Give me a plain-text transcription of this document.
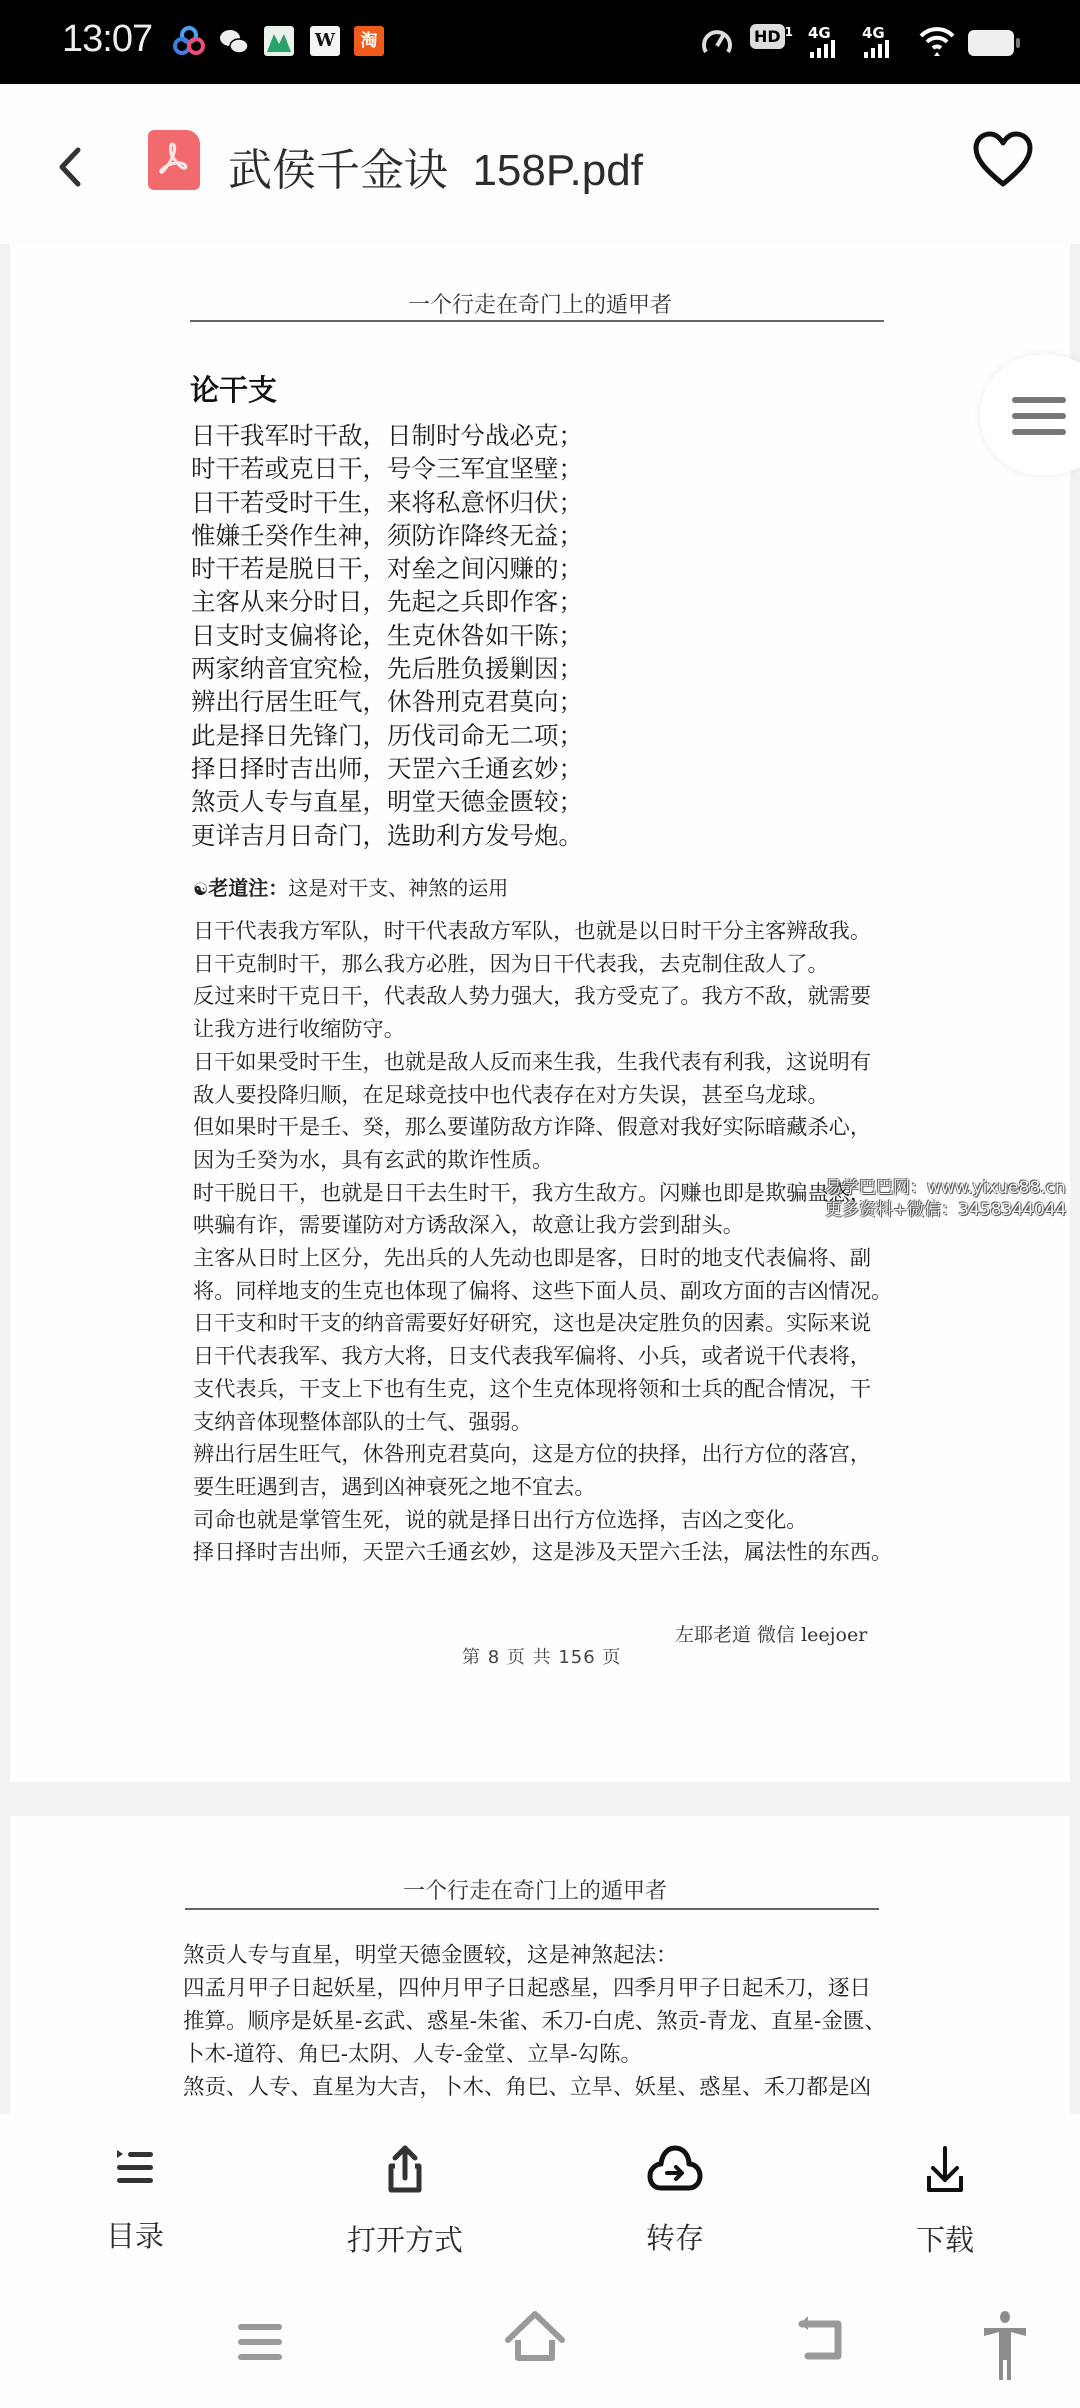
13:07	W	淘	HD $^1$ 4G 4G
武侯千金诀  158P.pdf
一个行走在奇门上的遁甲者
论干支
日干我军时干敌，日制时兮战必克；
时干若或克日干，号令三军宜坚壁；
日干若受时干生，来将私意怀归伏；
惟嫌壬癸作生神，须防诈降终无益；
时干若是脱日干，对垒之间闪赚的；
主客从来分时日，先起之兵即作客；
日支时支偏将论，生克休咎如干陈；
两家纳音宜究检，先后胜负援剿因；
辨出行居生旺气，休咎刑克君莫向；
此是择日先锋门，历伐司命无二项；
择日择时吉出师，天罡六壬通玄妙；
煞贡人专与直星，明堂天德金匮较；
更详吉月日奇门，选助利方发号炮。
☯老道注：这是对干支、神煞的运用
日干代表我方军队，时干代表敌方军队，也就是以日时干分主客辨敌我。
日干克制时干，那么我方必胜，因为日干代表我，去克制住敌人了。
反过来时干克日干，代表敌人势力强大，我方受克了。我方不敌，就需要
让我方进行收缩防守。
日干如果受时干生，也就是敌人反而来生我，生我代表有利我，这说明有
敌人要投降归顺，在足球竞技中也代表存在对方失误，甚至乌龙球。
但如果时干是壬、癸，那么要谨防敌方诈降、假意对我好实际暗藏杀心，
因为壬癸为水，具有玄武的欺诈性质。
时干脱日干，也就是日干去生时干，我方生敌方。闪赚也即是欺骗蛊惑，
哄骗有诈，需要谨防对方诱敌深入，故意让我方尝到甜头。
主客从日时上区分，先出兵的人先动也即是客，日时的地支代表偏将、副
将。同样地支的生克也体现了偏将、这些下面人员、副攻方面的吉凶情况。
日干支和时干支的纳音需要好好研究，这也是决定胜负的因素。实际来说
日干代表我军、我方大将，日支代表我军偏将、小兵，或者说干代表将，
支代表兵，干支上下也有生克，这个生克体现将领和士兵的配合情况，干
支纳音体现整体部队的士气、强弱。
辨出行居生旺气，休咎刑克君莫向，这是方位的抉择，出行方位的落宫，
要生旺遇到吉，遇到凶神衰死之地不宜去。
司命也就是掌管生死，说的就是择日出行方位选择，吉凶之变化。
择日择时吉出师，天罡六壬通玄妙，这是涉及天罡六壬法，属法性的东西。
易学巴巴网：www.yixue88.cn
更多资料+微信：3458344044
左耶老道 微信 leejoer
第 8 页 共 156 页
一个行走在奇门上的遁甲者
煞贡人专与直星，明堂天德金匮较，这是神煞起法：
四孟月甲子日起妖星，四仲月甲子日起惑星，四季月甲子日起禾刀，逐日
推算。顺序是妖星-玄武、惑星-朱雀、禾刀-白虎、煞贡-青龙、直星-金匮、
卜木-道符、角巳-太阴、人专-金堂、立旱-勾陈。
煞贡、人专、直星为大吉，卜木、角巳、立旱、妖星、惑星、禾刀都是凶
目录	打开方式	转存	下载
